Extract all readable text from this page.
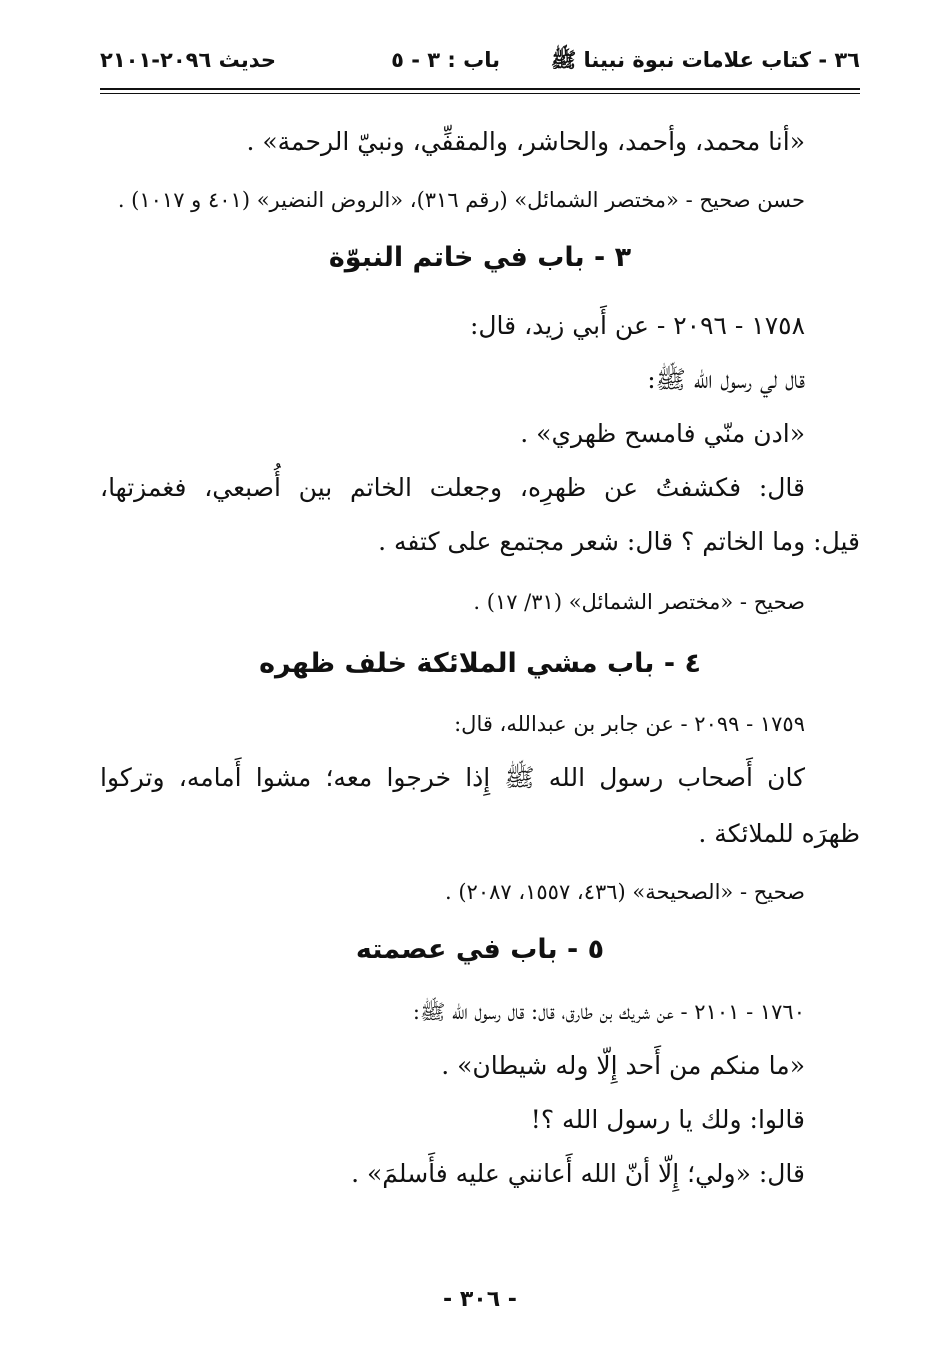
٣٦ - كتاب علامات نبوة نبينا ﷺ
باب : ٣ - ٥
حديث ٢٠٩٦-٢١٠١
«أنا محمد، وأحمد، والحاشر، والمقفِّي، ونبيّ الرحمة» .
حسن صحيح - «مختصر الشمائل» (رقم ٣١٦)، «الروض النضير» (٤٠١ و ١٠١٧) .
٣ - باب في خاتم النبوّة
١٧٥٨ - ٢٠٩٦ - عن أَبي زيد، قال:
قال لي رسول الله ﷺ:
«ادن منّي فامسح ظهري» .
قال: فكشفتُ عن ظهرِه، وجعلت الخاتم بين أُصبعي، فغمزتها،
قيل: وما الخاتم ؟ قال: شعر مجتمع على كتفه .
صحيح - «مختصر الشمائل» (٣١/ ١٧) .
٤ - باب مشي الملائكة خلف ظهره
١٧٥٩ - ٢٠٩٩ - عن جابر بن عبدالله، قال:
كان أَصحاب رسول الله ﷺ إِذا خرجوا معه؛ مشوا أَمامه، وتركوا
ظهرَه للملائكة .
صحيح - «الصحيحة» (٤٣٦، ١٥٥٧، ٢٠٨٧) .
٥ - باب في عصمته
١٧٦٠ - ٢١٠١ - عن شريك بن طارق، قال: قال رسول الله ﷺ:
«ما منكم من أَحد إِلّا وله شيطان» .
قالوا: ولك يا رسول الله ؟!
قال: «ولي؛ إِلّا أنّ الله أَعانني عليه فأَسلمَ» .
- ٣٠٦ -
